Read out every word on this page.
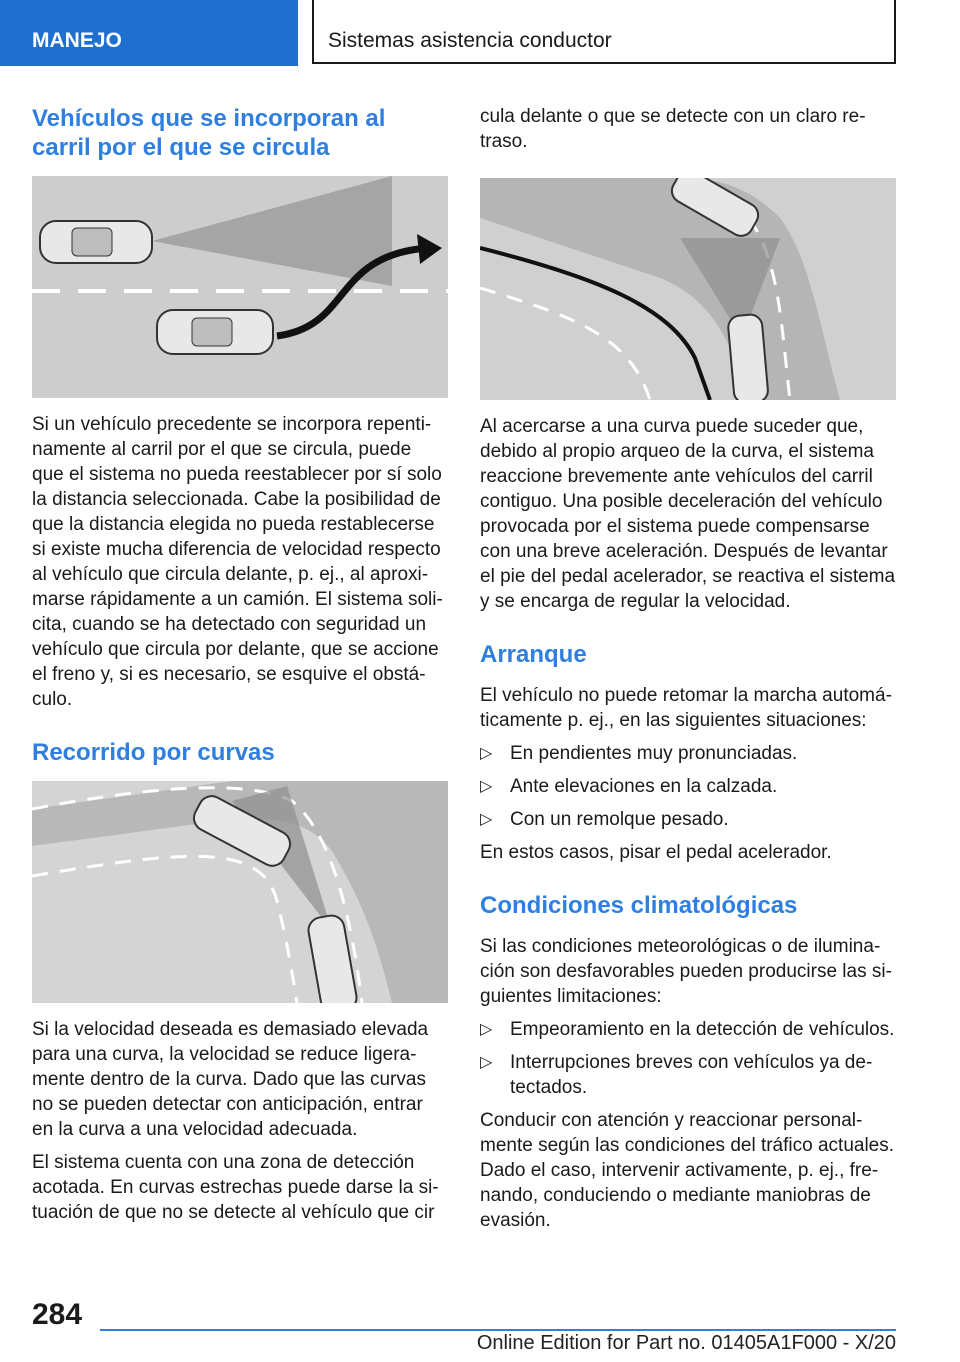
MANEJO	Sistemas asistencia conductor
Vehículos que se incorporan al carril por el que se circula

Si un vehículo precedente se incorpora repentinamente al carril por el que se circula, puede que el sistema no pueda reestablecer por sí solo la distancia seleccionada. Cabe la posibilidad de que la distancia elegida no pueda restablecerse si existe mucha diferencia de velocidad respecto al vehículo que circula delante, p. ej., al aproximarse rápidamente a un camión. El sistema solicita, cuando se ha detectado con seguridad un vehículo que circula por delante, que se accione el freno y, si es necesario, se esquive el obstáculo.

Recorrido por curvas

Si la velocidad deseada es demasiado elevada para una curva, la velocidad se reduce ligeramente dentro de la curva. Dado que las curvas no se pueden detectar con anticipación, entrar en la curva a una velocidad adecuada.

El sistema cuenta con una zona de detección acotada. En curvas estrechas puede darse la situación de que no se detecte al vehículo que cir

cula delante o que se detecte con un claro retraso.

Al acercarse a una curva puede suceder que, debido al propio arqueo de la curva, el sistema reaccione brevemente ante vehículos del carril contiguo. Una posible deceleración del vehículo provocada por el sistema puede compensarse con una breve aceleración. Después de levantar el pie del pedal acelerador, se reactiva el sistema y se encarga de regular la velocidad.

Arranque

El vehículo no puede retomar la marcha automáticamente p. ej., en las siguientes situaciones:

▷ En pendientes muy pronunciadas.
▷ Ante elevaciones en la calzada.
▷ Con un remolque pesado.

En estos casos, pisar el pedal acelerador.

Condiciones climatológicas

Si las condiciones meteorológicas o de iluminación son desfavorables pueden producirse las siguientes limitaciones:

▷ Empeoramiento en la detección de vehículos.
▷ Interrupciones breves con vehículos ya detectados.

Conducir con atención y reaccionar personalmente según las condiciones del tráfico actuales. Dado el caso, intervenir activamente, p. ej., frenando, conduciendo o mediante maniobras de evasión.

284
Online Edition for Part no. 01405A1F000 - X/20
